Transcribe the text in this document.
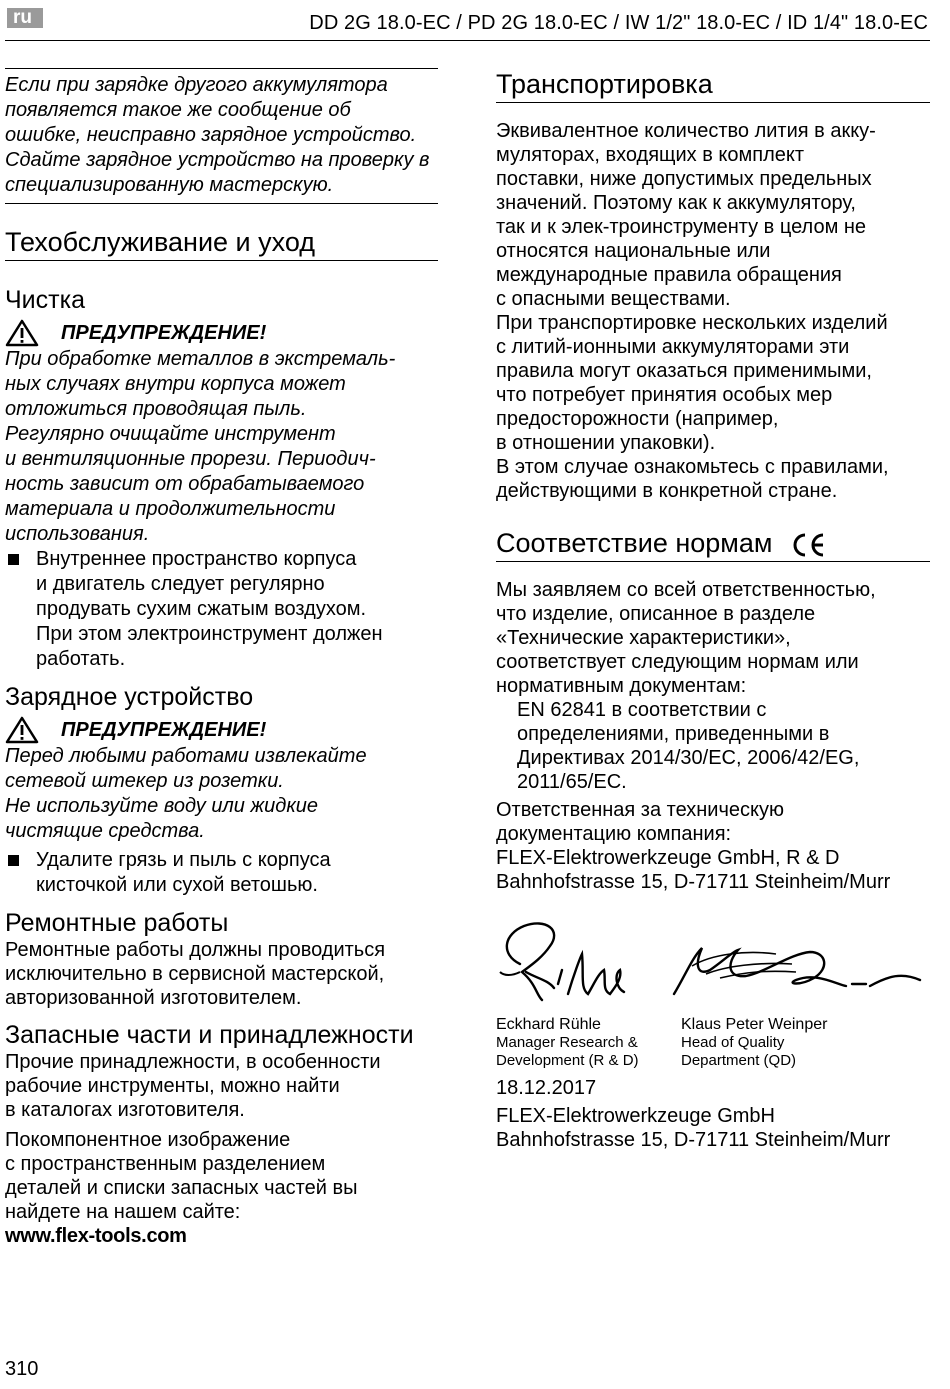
ru	DD 2G 18.0-EC / PD 2G 18.0-EC / IW 1/2" 18.0-EC / ID 1/4" 18.0-EC
Если при зарядке другого аккумулятора
появляется такое же сообщение об
ошибке, неисправно зарядное устройство.
Сдайте зарядное устройство на проверку в
специализированную мастерскую.
Техобслуживание и уход
Чистка
ПРЕДУПРЕЖДЕНИЕ!
При обработке металлов в экстремаль-
ных случаях внутри корпуса может
отложиться проводящая пыль.
Регулярно очищайте инструмент
и вентиляционные прорези. Периодич-
ность зависит от обрабатываемого
материала и продолжительности
использования.
Внутреннее пространство корпуса
и двигатель следует регулярно
продувать сухим сжатым воздухом.
При этом электроинструмент должен
работать.
Зарядное устройство
ПРЕДУПРЕЖДЕНИЕ!
Перед любыми работами извлекайте
сетевой штекер из розетки.
Не используйте воду или жидкие
чистящие средства.
Удалите грязь и пыль с корпуса
кисточкой или сухой ветошью.
Ремонтные работы
Ремонтные работы должны проводиться
исключительно в сервисной мастерской,
авторизованной изготовителем.
Запасные части и принадлежности
Прочие принадлежности, в особенности
рабочие инструменты, можно найти
в каталогах изготовителя.
Покомпонентное изображение
с пространственным разделением
деталей и списки запасных частей вы
найдете на нашем сайте:
www.flex-tools.com
Транспортировка
Эквивалентное количество лития в акку-
муляторах, входящих в комплект
поставки, ниже допустимых предельных
значений. Поэтому как к аккумулятору,
так и к элек-троинструменту в целом не
относятся национальные или
международные правила обращения
с опасными веществами.
При транспортировке нескольких изделий
с литий-ионными аккумуляторами эти
правила могут оказаться применимыми,
что потребует принятия особых мер
предосторожности (например,
в отношении упаковки).
В этом случае ознакомьтесь с правилами,
действующими в конкретной стране.
Соответствие нормам
Мы заявляем со всей ответственностью,
что изделие, описанное в разделе
«Технические характеристики»,
соответствует следующим нормам или
нормативным документам:
EN 62841 в соответствии с
определениями, приведенными в
Директивах 2014/30/ЕС, 2006/42/EG,
2011/65/ЕС.
Ответственная за техническую
документацию компания:
FLEX-Elektrowerkzeuge GmbH, R & D
Bahnhofstrasse 15, D-71711 Steinheim/Murr
Eckhard Rühle
Manager Research &
Development (R & D)
Klaus Peter Weinper
Head of Quality
Department (QD)
18.12.2017
FLEX-Elektrowerkzeuge GmbH
Bahnhofstrasse 15, D-71711 Steinheim/Murr
310
